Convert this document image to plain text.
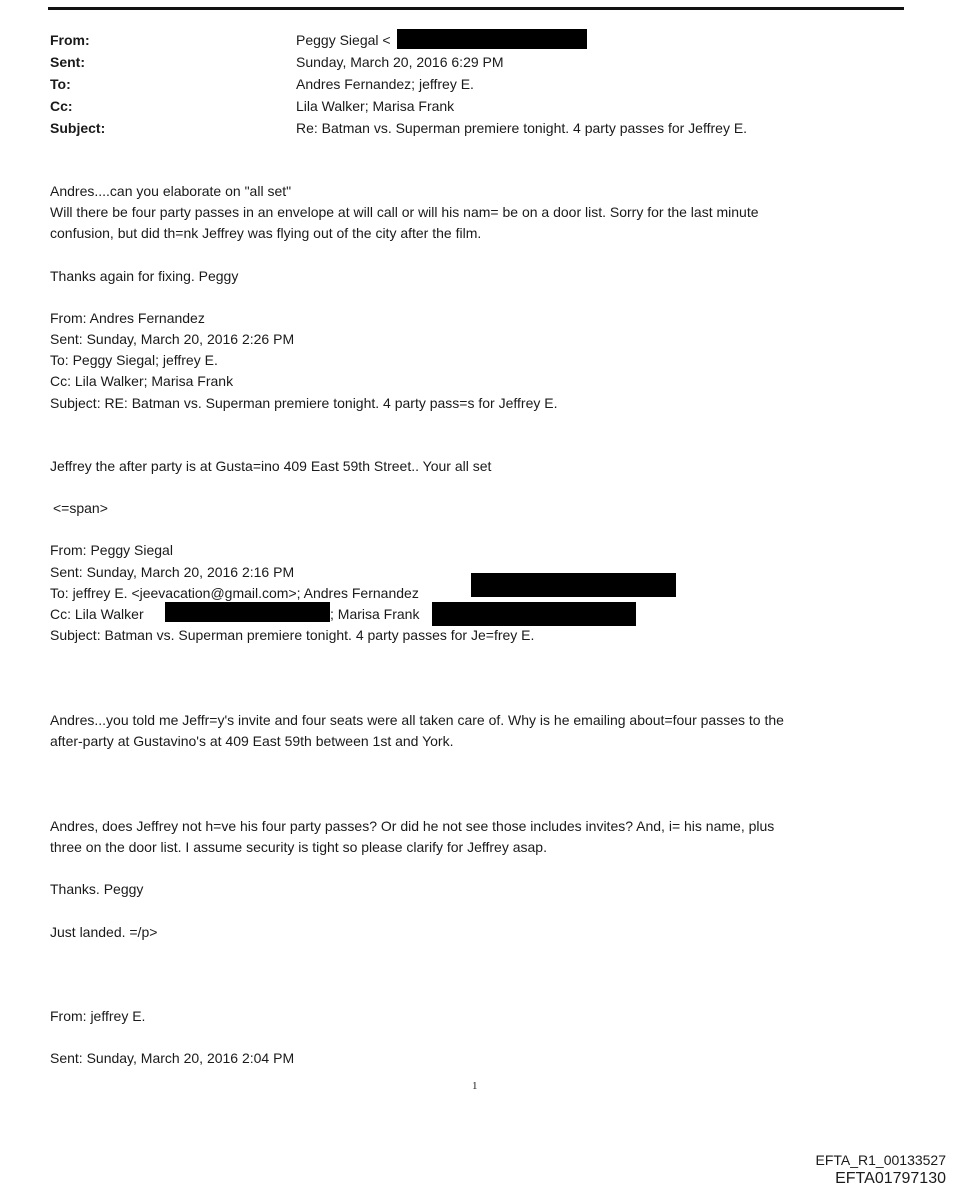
From:	Peggy Siegal <
Sent:	Sunday, March 20, 2016 6:29 PM
To:	Andres Fernandez; jeffrey E.
Cc:	Lila Walker; Marisa Frank
Subject:	Re: Batman vs. Superman premiere tonight. 4 party passes for Jeffrey E.
Andres....can you elaborate on "all set"
Will there be four party passes in an envelope at will call or will his nam= be on a door list. Sorry for the last minute
confusion, but did th=nk Jeffrey was flying out of the city after the film.
Thanks again for fixing. Peggy
From: Andres Fernandez
Sent: Sunday, March 20, 2016 2:26 PM
To: Peggy Siegal; jeffrey E.
Cc: Lila Walker; Marisa Frank
Subject: RE: Batman vs. Superman premiere tonight. 4 party pass=s for Jeffrey E.
Jeffrey the after party is at Gusta=ino 409 East 59th Street.. Your all set
<=span>
From: Peggy Siegal
Sent: Sunday, March 20, 2016 2:16 PM
To: jeffrey E. <jeevacation@gmail.com>; Andres Fernandez
Cc: Lila Walker	; Marisa Frank
Subject: Batman vs. Superman premiere tonight. 4 party passes for Je=frey E.
Andres...you told me Jeffr=y's invite and four seats were all taken care of. Why is he emailing about=four passes to the
after-party at Gustavino's at 409 East 59th between 1st and York.
Andres, does Jeffrey not h=ve his four party passes? Or did he not see those includes invites? And, i= his name, plus
three on the door list. I assume security is tight so please clarify for Jeffrey asap.
Thanks. Peggy
Just landed. =/p>
From: jeffrey E.
Sent: Sunday, March 20, 2016 2:04 PM
1
EFTA_R1_00133527
EFTA01797130
